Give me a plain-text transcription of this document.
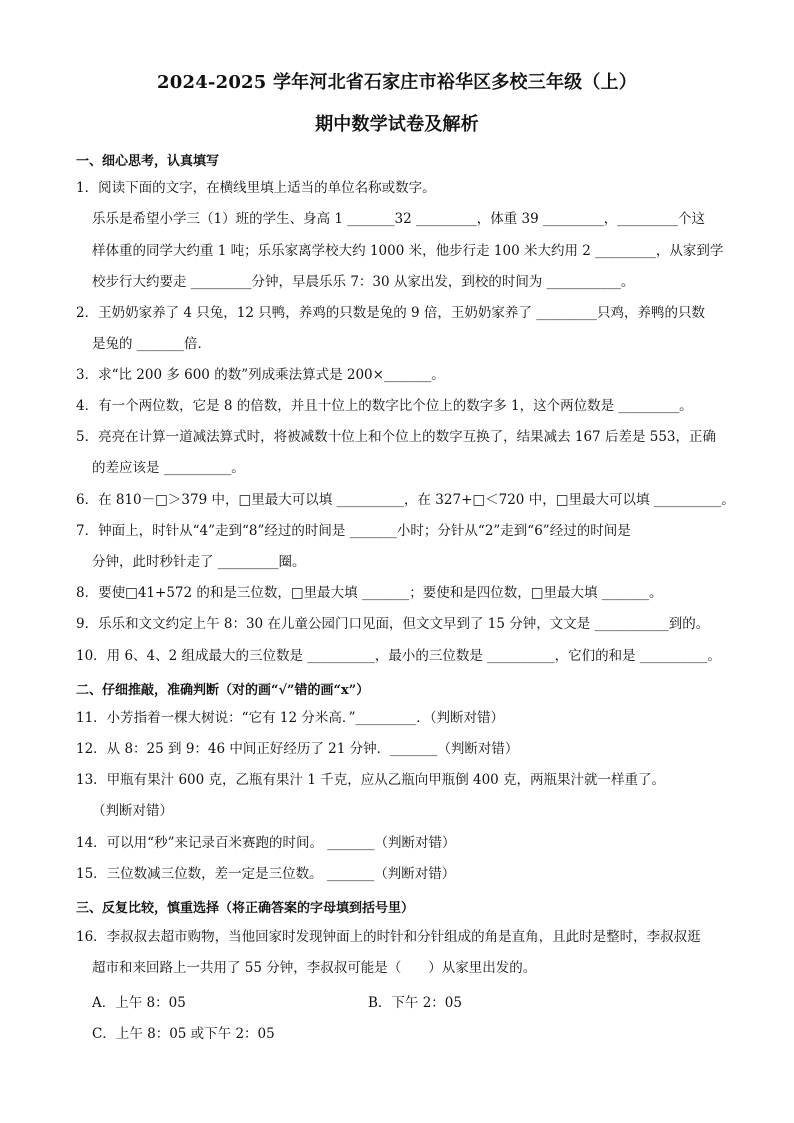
2024-2025 学年河北省石家庄市裕华区多校三年级（上）
期中数学试卷及解析
一、细心思考，认真填写
1．阅读下面的文字，在横线里填上适当的单位名称或数字。
乐乐是希望小学三（1）班的学生、身高 1 _______32 _________，体重 39 _________，_________个这
样体重的同学大约重 1 吨；乐乐家离学校大约 1000 米，他步行走 100 米大约用 2 _________，从家到学
校步行大约要走 _________分钟，早晨乐乐 7：30 从家出发，到校的时间为 ___________。
2．王奶奶家养了 4 只兔，12 只鸭，养鸡的只数是兔的 9 倍，王奶奶家养了 _________只鸡，养鸭的只数
是兔的 _______倍．
3．求“比 200 多 600 的数”列成乘法算式是 200×_______。
4．有一个两位数，它是 8 的倍数，并且十位上的数字比个位上的数字多 1，这个两位数是 _________。
5．亮亮在计算一道减法算式时，将被减数十位上和个位上的数字互换了，结果减去 167 后差是 553，正确
的差应该是 __________。
6．在 810－□＞379 中，□里最大可以填 __________，在 327+□＜720 中，□里最大可以填 __________。
7．钟面上，时针从“4”走到“8”经过的时间是 _______小时；分针从“2”走到“6”经过的时间是
分钟，此时秒针走了 _________圈。
8．要使□41+572 的和是三位数，□里最大填 _______；要使和是四位数，□里最大填 _______。
9．乐乐和文文约定上午 8：30 在儿童公园门口见面，但文文早到了 15 分钟，文文是 ___________到的。
10．用 6、4、2 组成最大的三位数是 __________，最小的三位数是 __________，它们的和是 __________。
二、仔细推敲，准确判断（对的画“√”错的画“x”）
11．小芳指着一棵大树说：“它有 12 分米高．”_________．（判断对错）
12．从 8：25 到 9：46 中间正好经历了 21 分钟．_______（判断对错）
13．甲瓶有果汁 600 克，乙瓶有果汁 1 千克，应从乙瓶向甲瓶倒 400 克，两瓶果汁就一样重了。
（判断对错）
14．可以用“秒”来记录百米赛跑的时间。 _______（判断对错）
15．三位数减三位数，差一定是三位数。 _______（判断对错）
三、反复比较，慎重选择（将正确答案的字母填到括号里）
16．李叔叔去超市购物，当他回家时发现钟面上的时针和分针组成的角是直角，且此时是整时，李叔叔逛
超市和来回路上一共用了 55 分钟，李叔叔可能是（　　）从家里出发的。
A．上午 8：05	B．下午 2：05
C．上午 8：05 或下午 2：05
